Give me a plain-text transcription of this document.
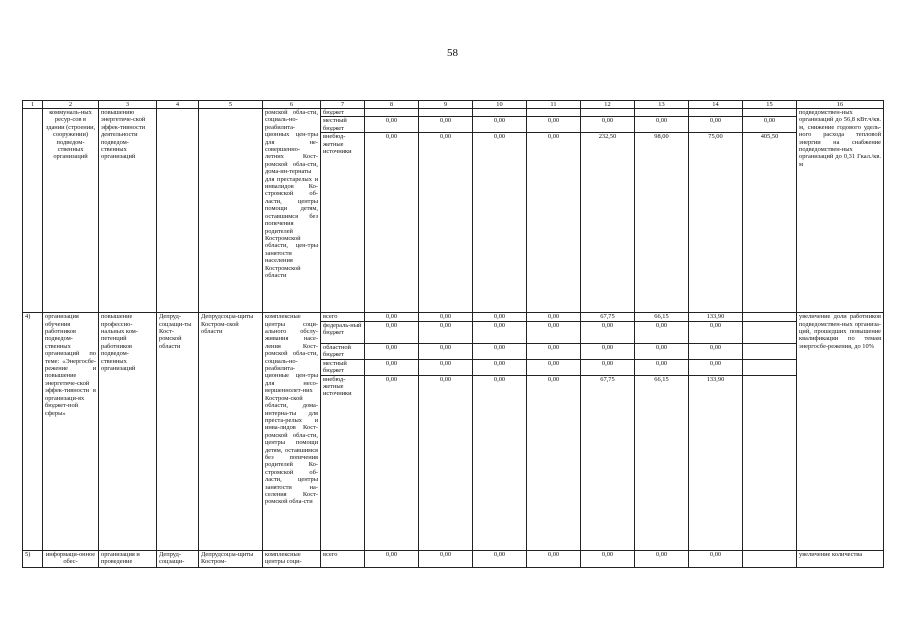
58
1	2	3	4	5	6	7	8	9	10	11	12	13	14	15	16
	коммуналь-ных ресур-сов в здании (строении, сооружении) подведом-ственных организаций	повышению энергетиче-ской эффек-тивности деятельности подведом-ственных организаций			ромской обла-сти, социаль-но-реабилита-ционных цен-тры для не-совершенно-летних Кост-ромской обла-сти, дома-ин-тернаты для престарелых и инвалидов Ко-стромской об-ласти, центры помощи детям, оставшимся без попечения родителей Костромской области, цен-тры занятости населения Костромской области	бюджет									подведомствен-ных организаций до 56,8 кВт.ч/кв. м, снижение годового удель-ного расхода тепловой энергии на снабжение подведомствен-ных организаций до 0,31 Гкал./кв. м
						местный бюджет	0,00	0,00	0,00	0,00	0,00	0,00	0,00	0,00	
						внебюд-жетные источники	0,00	0,00	0,00	0,00	232,50	98,00	75,00	405,50	
4)	организация обучения работников подведом-ственных организаций по теме: «Энергосбе-режение и повышение энергетиче-ской эффек-тивности в организаци-ях бюджет-ной сферы»	повышение профессио-нальных ком-петенций работников подведом-ственных организаций	Депруд-соцзащи-ты Кост-ромской области	Депрудсоцза-щиты Костром-ской области	комплексные центры соци-ального обслу-живания насе-ления Кост-ромской обла-сти, социаль-но-реабилита-ционные цен-тры для несо-вершеннолет-них Костром-ской области, дома-интерна-ты для преста-релых и инва-лидов Кост-ромской обла-сти, центры помощи детям, оставшимся без попечения родителей Ко-стромской об-ласти, центры занятости на-селения Кост-ромской обла-сти	всего	0,00	0,00	0,00	0,00	67,75	66,15	133,90		увеличение доли работников подведомствен-ных организа-ций, прошедших повышение квалификации по темам энергосбе-режения, до 10%
						федераль-ный бюджет	0,00	0,00	0,00	0,00	0,00	0,00	0,00		
						областной бюджет	0,00	0,00	0,00	0,00	0,00	0,00	0,00		
						местный бюджет	0,00	0,00	0,00	0,00	0,00	0,00	0,00		
						внебюд-жетные источники	0,00	0,00	0,00	0,00	67,75	66,15	133,90		
5)	информаци-онное обес-	организация и проведение	Депруд-соцзащи-	Депрудсоцза-щиты Костром-	комплексные центры соци-	всего	0,00	0,00	0,00	0,00	0,00	0,00	0,00		увеличение количества
